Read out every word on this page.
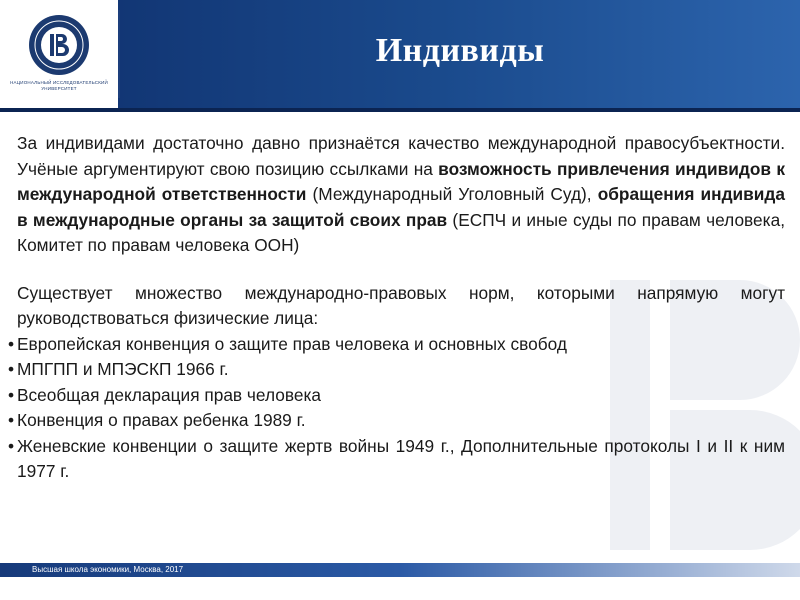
НАЦИОНАЛЬНЫЙ ИССЛЕДОВАТЕЛЬСКИЙ УНИВЕРСИТЕТ
Индивиды
За индивидами достаточно давно признаётся качество международной правосубъектности. Учёные аргументируют свою позицию ссылками на возможность привлечения индивидов к международной ответственности (Международный Уголовный Суд), обращения индивида в международные органы за защитой своих прав (ЕСПЧ и иные суды по правам человека, Комитет по правам человека ООН)
Существует множество международно-правовых норм, которыми напрямую могут руководствоваться физические лица:
• Европейская конвенция о защите прав человека и основных свобод
• МПГПП и МПЭСКП 1966 г.
• Всеобщая декларация прав человека
• Конвенция о правах ребенка 1989 г.
• Женевские конвенции о защите жертв войны 1949 г., Дополнительные протоколы I и II к ним 1977 г.
Высшая школа экономики, Москва, 2017
